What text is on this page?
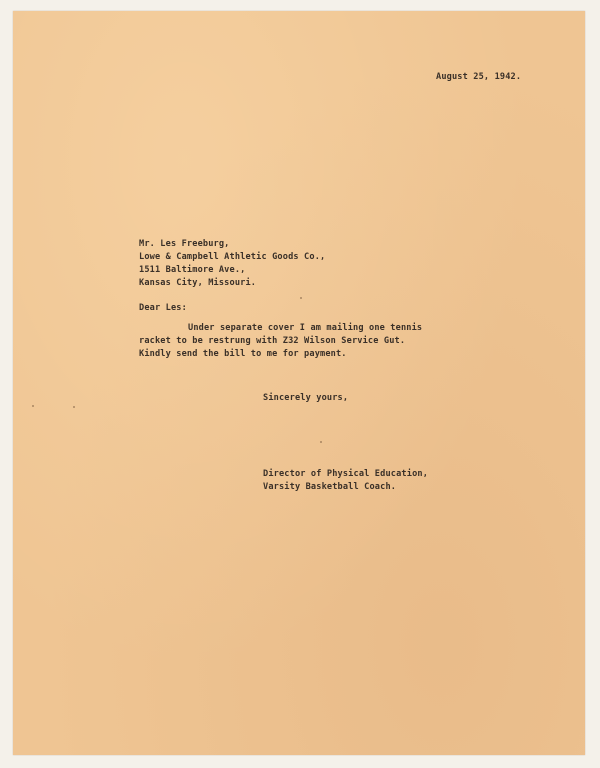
August 25, 1942.
Mr. Les Freeburg,
Lowe & Campbell Athletic Goods Co.,
1511 Baltimore Ave.,
Kansas City, Missouri.
Dear Les:
Under separate cover I am mailing one tennis
racket to be restrung with Z32 Wilson Service Gut.
Kindly send the bill to me for payment.
Sincerely yours,
Director of Physical Education,
Varsity Basketball Coach.
